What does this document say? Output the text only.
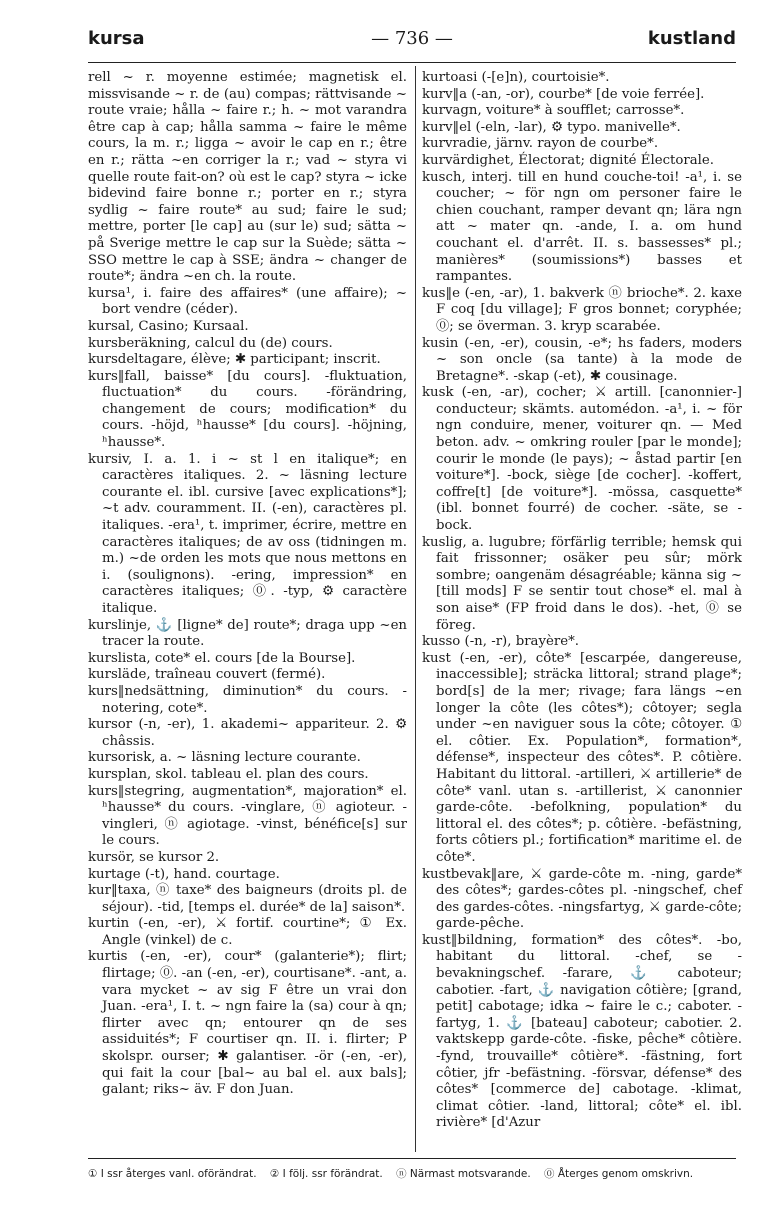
kursa	— 736 —	kustland

rell ~ r. moyenne estimée; magnetisk el. missvisande ~ r. de (au) compas; rättvisande ~ route vraie; hålla ~ faire r.; h. ~ mot varandra être cap à cap; hålla samma ~ faire le même cours, la m. r.; ligga ~ avoir le cap en r.; être en r.; rätta ~en corriger la r.; vad ~ styra vi quelle route fait-on? où est le cap? styra ~ icke bidevind faire bonne r.; porter en r.; styra sydlig ~ faire route* au sud; faire le sud; mettre, porter [le cap] au (sur le) sud; sätta ~ på Sverige mettre le cap sur la Suède; sätta ~ SSO mettre le cap à SSE; ändra ~ changer de route*; ändra ~en ch. la route.

kursa¹, i. faire des affaires* (une affaire); ~ bort vendre (céder).

kursal, Casino; Kursaal.

kursberäkning, calcul du (de) cours.

kursdeltagare, élève; ✱ participant; inscrit.

kurs‖fall, baisse* [du cours]. -fluktuation, fluctuation* du cours. -förändring, changement de cours; modification* du cours. -höjd, ʰhausse* [du cours]. -höjning, ʰhausse*.

kursiv, I. a. 1. i ~ st l en italique*; en caractères italiques. 2. ~ läsning lecture courante el. ibl. cursive [avec explications*]; ~t adv. couramment. II. (-en), caractères pl. italiques. -era¹, t. imprimer, écrire, mettre en caractères italiques; de av oss (tidningen m. m.) ~de orden les mots que nous mettons en i. (soulignons). -ering, impression* en caractères italiques; ⓪. -typ, ⚙ caractère italique.

kurslinje, ⚓ [ligne* de] route*; draga upp ~en tracer la route.

kurslista, cote* el. cours [de la Bourse].

kursläde, traîneau couvert (fermé).

kurs‖nedsättning, diminution* du cours. -notering, cote*.

kursor (-n, -er), 1. akademi~ appariteur. 2. ⚙ châssis.

kursorisk, a. ~ läsning lecture courante.

kursplan, skol. tableau el. plan des cours.

kurs‖stegring, augmentation*, majoration* el. ʰhausse* du cours. -vinglare, ⓝ agioteur. -vingleri, ⓝ agiotage. -vinst, bénéfice[s] sur le cours.

kursör, se kursor 2.

kurtage (-t), hand. courtage.

kur‖taxa, ⓝ taxe* des baigneurs (droits pl. de séjour). -tid, [temps el. durée* de la] saison*.

kurtin (-en, -er), ⚔ fortif. courtine*; ① Ex. Angle (vinkel) de c.

kurtis (-en, -er), cour* (galanterie*); flirt; flirtage; ⓪. -an (-en, -er), courtisane*. -ant, a. vara mycket ~ av sig F être un vrai don Juan. -era¹, I. t. ~ ngn faire la (sa) cour à qn; flirter avec qn; entourer qn de ses assiduités*; F courtiser qn. II. i. flirter; P skolspr. ourser; ✱ galantiser. -ör (-en, -er), qui fait la cour [bal~ au bal el. aux bals]; galant; riks~ äv. F don Juan.

kurtoasi (-[e]n), courtoisie*.

kurv‖a (-an, -or), courbe* [de voie ferrée].

kurvagn, voiture* à soufflet; carrosse*.

kurv‖el (-eln, -lar), ⚙ typo. manivelle*.

kurvradie, järnv. rayon de courbe*.

kurvärdighet, Électorat; dignité Électorale.

kusch, interj. till en hund couche-toi! -a¹, i. se coucher; ~ för ngn om personer faire le chien couchant, ramper devant qn; lära ngn att ~ mater qn. -ande, I. a. om hund couchant el. d'arrêt. II. s. bassesses* pl.; manières* (soumissions*) basses et rampantes.

kus‖e (-en, -ar), 1. bakverk ⓝ brioche*. 2. kaxe F coq [du village]; F gros bonnet; coryphée; ⓪; se överman. 3. kryp scarabée.

kusin (-en, -er), cousin, -e*; hs faders, moders ~ son oncle (sa tante) à la mode de Bretagne*. -skap (-et), ✱ cousinage.

kusk (-en, -ar), cocher; ⚔ artill. [canonnier-] conducteur; skämts. automédon. -a¹, i. ~ för ngn conduire, mener, voiturer qn. — Med beton. adv. ~ omkring rouler [par le monde]; courir le monde (le pays); ~ åstad partir [en voiture*]. -bock, siège [de cocher]. -koffert, coffre[t] [de voiture*]. -mössa, casquette* (ibl. bonnet fourré) de cocher. -säte, se -bock.

kuslig, a. lugubre; förfärlig terrible; hemsk qui fait frissonner; osäker peu sûr; mörk sombre; oangenäm désagréable; känna sig ~ [till mods] F se sentir tout chose* el. mal à son aise* (FP froid dans le dos). -het, ⓪ se föreg.

kusso (-n, -r), brayère*.

kust (-en, -er), côte* [escarpée, dangereuse, inaccessible]; sträcka littoral; strand plage*; bord[s] de la mer; rivage; fara längs ~en longer la côte (les côtes*); côtoyer; segla under ~en naviguer sous la côte; côtoyer. ① el. côtier. Ex. Population*, formation*, défense*, inspecteur des côtes*. P. côtière. Habitant du littoral. -artilleri, ⚔ artillerie* de côte* vanl. utan s. -artillerist, ⚔ canonnier garde-côte. -befolkning, population* du littoral el. des côtes*; p. côtière. -befästning, forts côtiers pl.; fortification* maritime el. de côte*.

kustbevak‖are, ⚔ garde-côte m. -ning, garde* des côtes*; gardes-côtes pl. -ningschef, chef des gardes-côtes. -ningsfartyg, ⚔ garde-côte; garde-pêche.

kust‖bildning, formation* des côtes*. -bo, habitant du littoral. -chef, se -bevakningschef. -farare, ⚓ caboteur; cabotier. -fart, ⚓ navigation côtière; [grand, petit] cabotage; idka ~ faire le c.; caboter. -fartyg, 1. ⚓ [bateau] caboteur; cabotier. 2. vaktskepp garde-côte. -fiske, pêche* côtière. -fynd, trouvaille* côtière*. -fästning, fort côtier, jfr -befästning. -försvar, défense* des côtes* [commerce de] cabotage. -klimat, climat côtier. -land, littoral; côte* el. ibl. rivière* [d'Azur

① I ssr återges vanl. oförändrat. ② I följ. ssr förändrat. ⓝ Närmast motsvarande. ⓪ Återges genom omskrivn.
